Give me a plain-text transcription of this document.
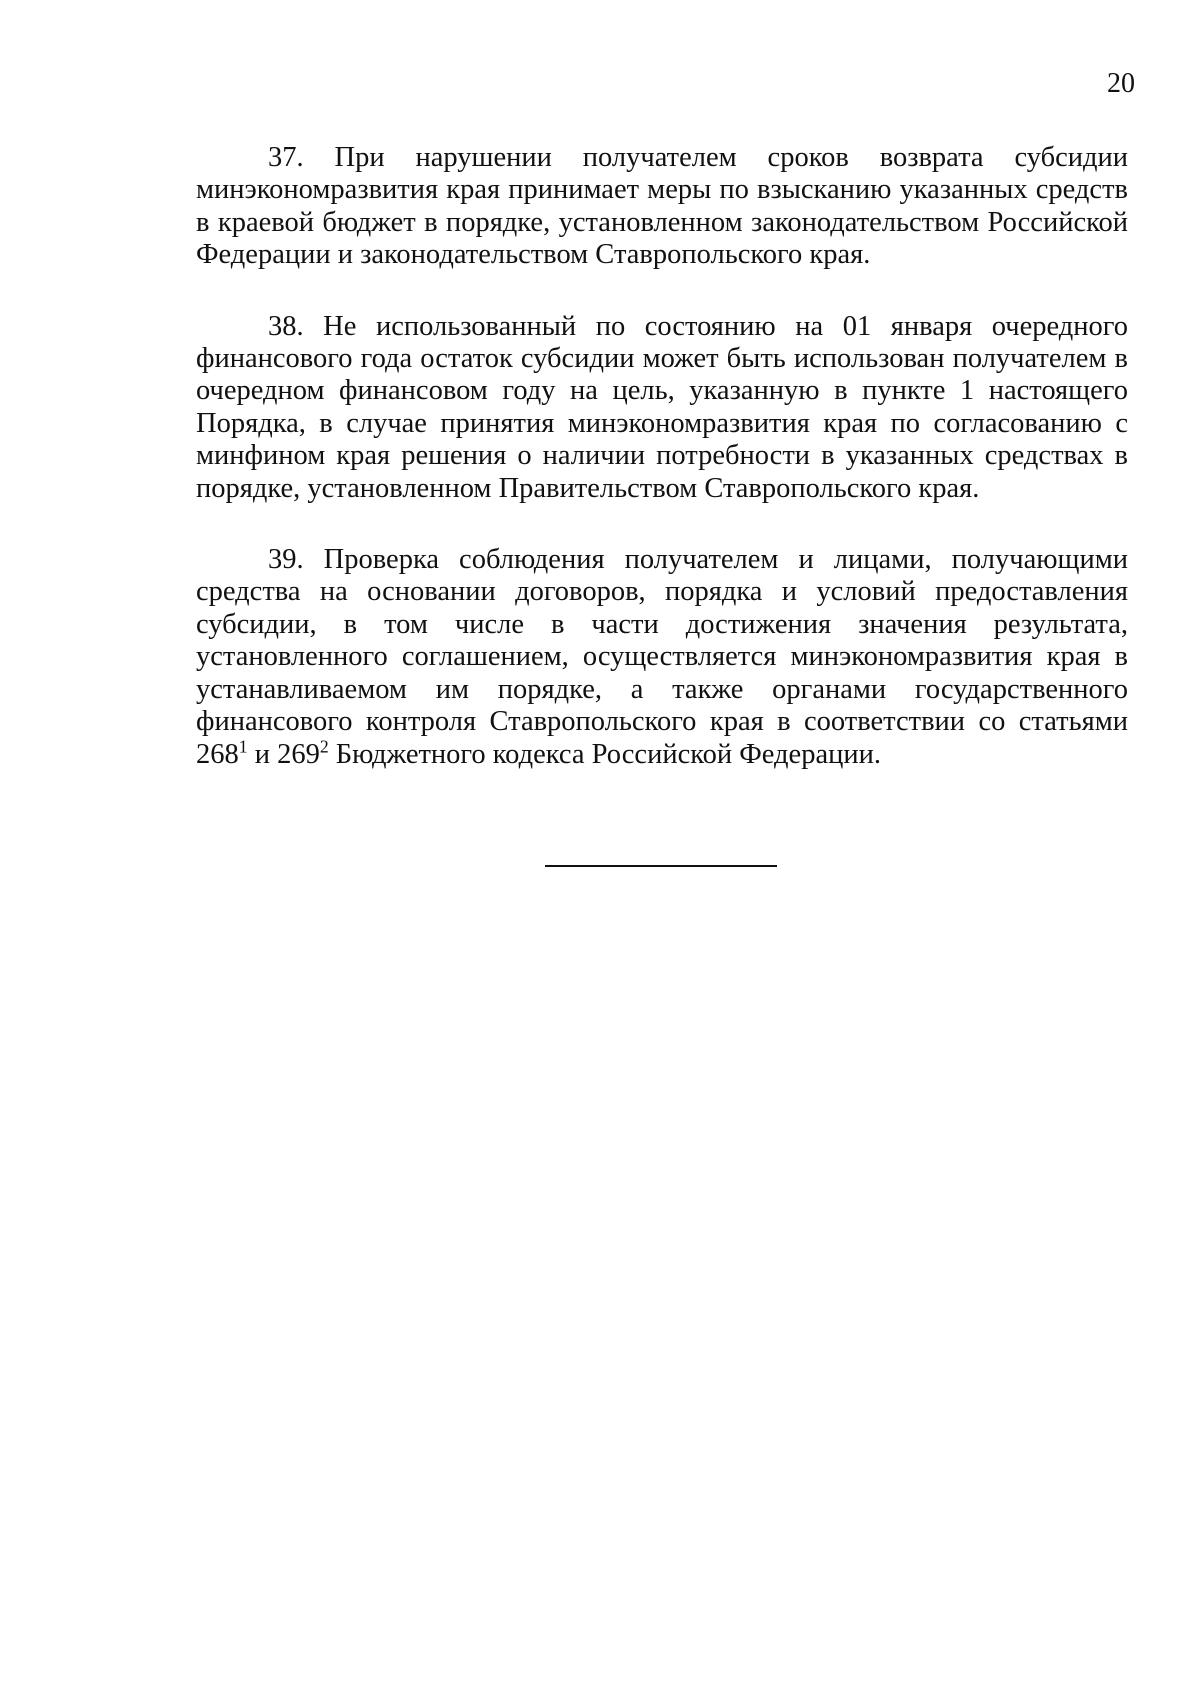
20

37. При нарушении получателем сроков возврата субсидии минэкономразвития края принимает меры по взысканию указанных средств в краевой бюджет в порядке, установленном законодательством Российской Федерации и законодательством Ставропольского края.

38. Не использованный по состоянию на 01 января очередного финансового года остаток субсидии может быть использован получателем в очередном финансовом году на цель, указанную в пункте 1 настоящего Порядка, в случае принятия минэкономразвития края по согласованию с минфином края решения о наличии потребности в указанных средствах в порядке, установленном Правительством Ставропольского края.

39. Проверка соблюдения получателем и лицами, получающими средства на основании договоров, порядка и условий предоставления субсидии, в том числе в части достижения значения результата, установленного соглашением, осуществляется минэкономразвития края в устанавливаемом им порядке, а также органами государственного финансового контроля Ставропольского края в соответствии со статьями $268^1$ и $269^2$ Бюджетного кодекса Российской Федерации.
